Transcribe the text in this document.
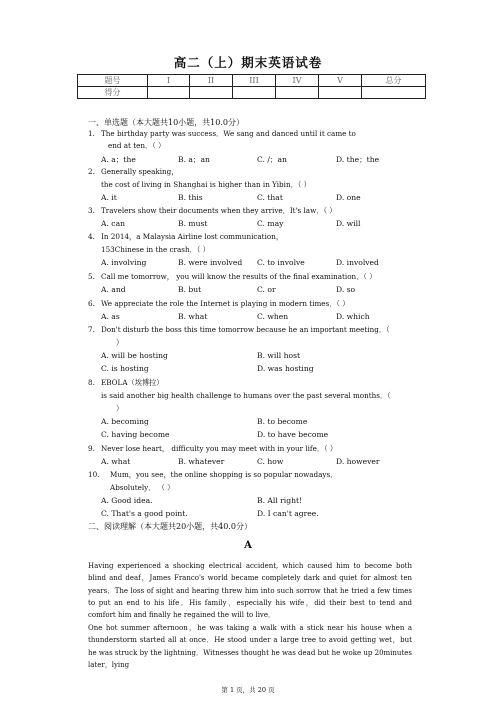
高二（上）期末英语试卷
题号	I	II	III	IV	V	总分
得分						
一、单选题（本大题共10小题，共10.0分）
1. The birthday party was success．We sang and danced until it came to
end at ten．（ ）
A. a；the	B. a；an	C. /；an	D. the；the
2. Generally speaking，
the cost of living in Shanghai is higher than in Yibin．（ ）
A. it	B. this	C. that	D. one
3. Travelers show their documents when they arrive．It's law．（ ）
A. can	B. must	C. may	D. will
4. In 2014，a Malaysia Airline lost communication，
153Chinese in the crash．（ ）
A. involving	B. were involved C. to involve	D. involved
5. Call me tomorrow， you will know the results of the final examination．（ ）
A. and	B. but	C. or	D. so
6. We appreciate the role the Internet is playing in modern times．（ ）
A. as	B. what	C. when	D. which
7. Don't disturb the boss this time tomorrow because he an important meeting．（
）
A. will be hosting	B. will host
C. is hosting	D. was hosting
8. EBOLA（埃博拉）
is said another big health challenge to humans over the past several months．（
）
A. becoming	B. to become
C. having become	D. to have become
9. Never lose heart， difficulty you may meet with in your life．（ ）
A. what	B. whatever	C. how	D. however
10. Mum，you see，the online shopping is so popular nowadays．
Absolutely． （ ）
A. Good idea.	B. All right!
C. That's a good point.	D. I can't agree.
二、阅读理解（本大题共20小题，共40.0分）
A
Having experienced a shocking electrical accident, which caused him to become both blind and deaf，James Franco's world became completely dark and quiet for almost ten years．The loss of sight and hearing threw him into such sorrow that he tried a few times to put an end to his life．His family，especially his wife，did their best to tend and comfort him and finally he regained the will to live．
One hot summer afternoon，he was taking a walk with a stick near his house when a thunderstorm started all at once．He stood under a large tree to avoid getting wet，but he was struck by the lightning．Witnesses thought he was dead but he woke up 20minutes later，lying
第 1 页，共 20 页
